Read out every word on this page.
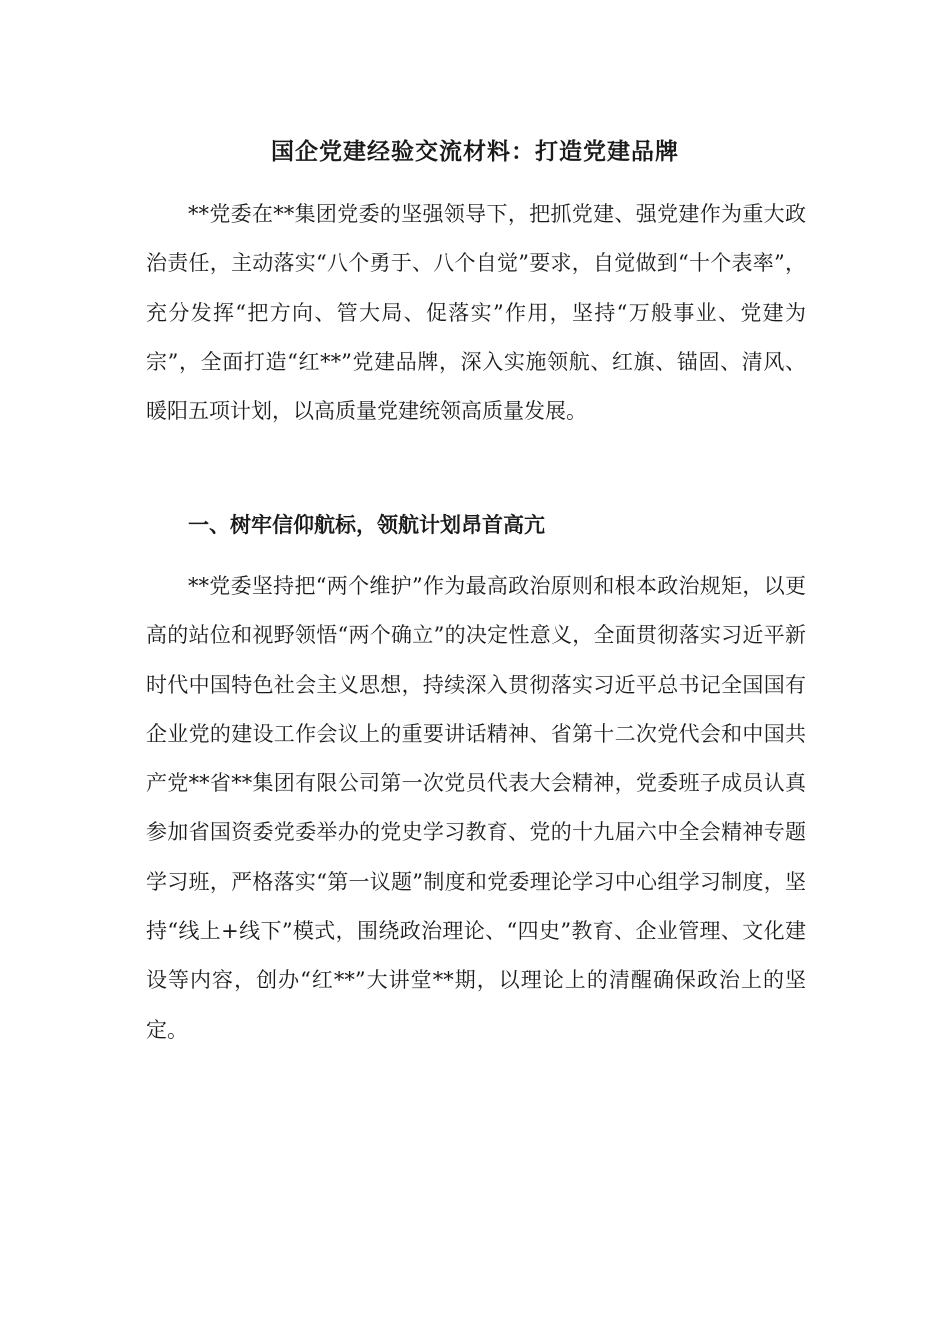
国企党建经验交流材料：打造党建品牌

**党委在**集团党委的坚强领导下，把抓党建、强党建作为重大政治责任，主动落实“八个勇于、八个自觉”要求，自觉做到“十个表率”，充分发挥“把方向、管大局、促落实”作用，坚持“万般事业、党建为宗”，全面打造“红**”党建品牌，深入实施领航、红旗、锚固、清风、暖阳五项计划，以高质量党建统领高质量发展。

一、树牢信仰航标，领航计划昂首高亢

**党委坚持把“两个维护”作为最高政治原则和根本政治规矩，以更高的站位和视野领悟“两个确立”的决定性意义，全面贯彻落实习近平新时代中国特色社会主义思想，持续深入贯彻落实习近平总书记全国国有企业党的建设工作会议上的重要讲话精神、省第十二次党代会和中国共产党**省**集团有限公司第一次党员代表大会精神，党委班子成员认真参加省国资委党委举办的党史学习教育、党的十九届六中全会精神专题学习班，严格落实“第一议题”制度和党委理论学习中心组学习制度，坚持“线上+线下”模式，围绕政治理论、“四史”教育、企业管理、文化建设等内容，创办“红**”大讲堂**期，以理论上的清醒确保政治上的坚定。
